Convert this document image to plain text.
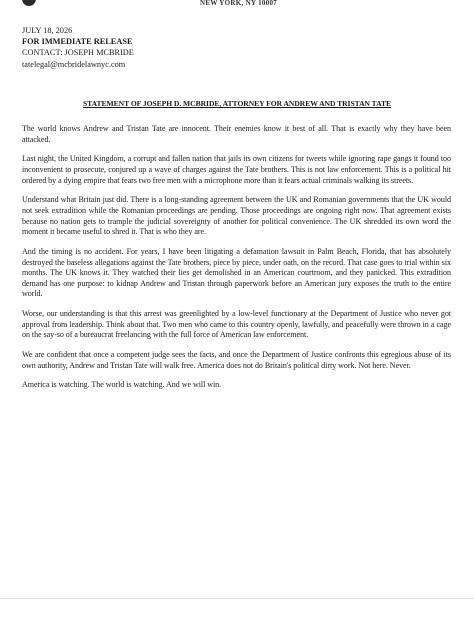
NEW YORK, NY 10007
JULY 18, 2026
FOR IMMEDIATE RELEASE
CONTACT: JOSEPH MCBRIDE
tatelegal@mcbridelawnyc.com
STATEMENT OF JOSEPH D. MCBRIDE, ATTORNEY FOR ANDREW AND TRISTAN TATE

The world knows Andrew and Tristan Tate are innocent. Their enemies know it best of all. That is exactly why they have been attacked.

Last night, the United Kingdom, a corrupt and fallen nation that jails its own citizens for tweets while ignoring rape gangs it found too inconvenient to prosecute, conjured up a wave of charges against the Tate brothers. This is not law enforcement. This is a political hit ordered by a dying empire that fears two free men with a microphone more than it fears actual criminals walking its streets.

Understand what Britain just did. There is a long-standing agreement between the UK and Romanian governments that the UK would not seek extradition while the Romanian proceedings are pending. Those proceedings are ongoing right now. That agreement exists because no nation gets to trample the judicial sovereignty of another for political convenience. The UK shredded its own word the moment it became useful to shred it. That is who they are.

And the timing is no accident. For years, I have been litigating a defamation lawsuit in Palm Beach, Florida, that has absolutely destroyed the baseless allegations against the Tate brothers, piece by piece, under oath, on the record. That case goes to trial within six months. The UK knows it. They watched their lies get demolished in an American courtroom, and they panicked. This extradition demand has one purpose: to kidnap Andrew and Tristan through paperwork before an American jury exposes the truth to the entire world.

Worse, our understanding is that this arrest was greenlighted by a low-level functionary at the Department of Justice who never got approval from leadership. Think about that. Two men who came to this country openly, lawfully, and peacefully were thrown in a cage on the say-so of a bureaucrat freelancing with the full force of American law enforcement.

We are confident that once a competent judge sees the facts, and once the Department of Justice confronts this egregious abuse of its own authority, Andrew and Tristan Tate will walk free. America does not do Britain's political dirty work. Not here. Never.

America is watching. The world is watching. And we will win.
